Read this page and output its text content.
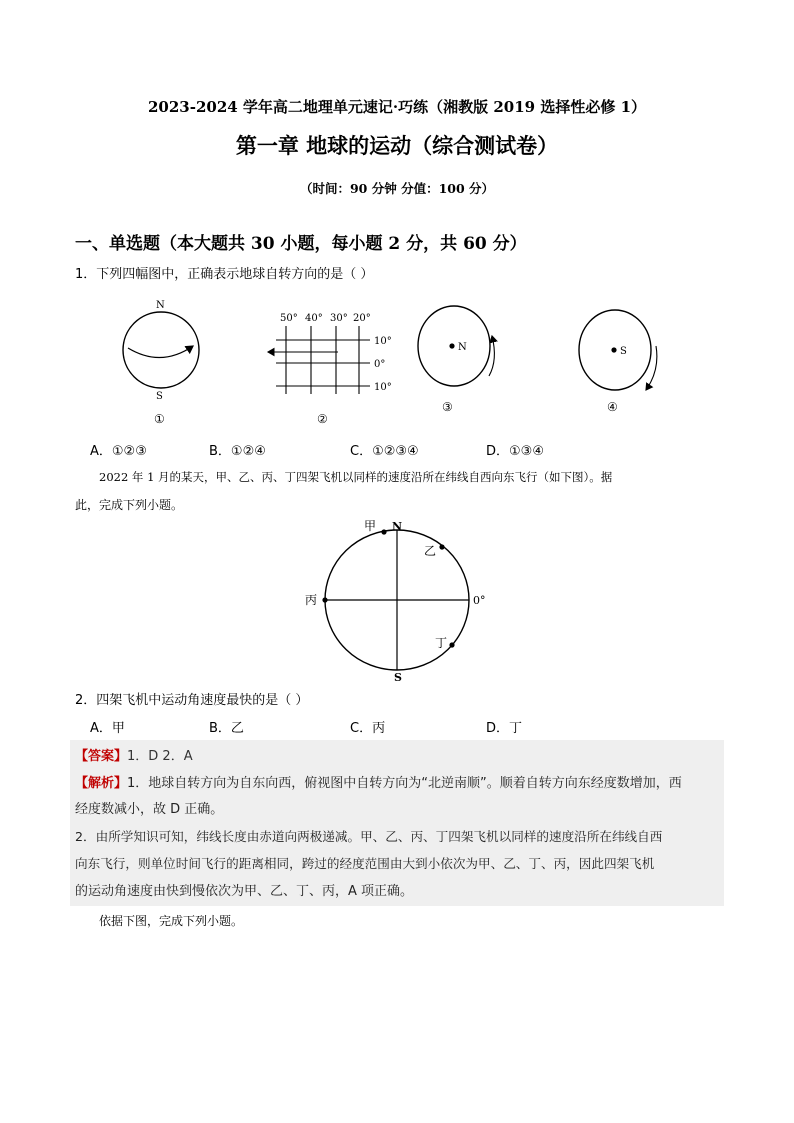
2023-2024 学年高二地理单元速记·巧练（湘教版 2019 选择性必修 1）
第一章 地球的运动（综合测试卷）
（时间：90 分钟 分值：100 分）
一、单选题（本大题共 30 小题，每小题 2 分，共 60 分）
1．下列四幅图中，正确表示地球自转方向的是（ ）
N
S
①
50° 40° 30° 20°
10°
0°
10°
②
N
③
S
④
A．①②③	B．①②④	C．①②③④	D．①③④
2022 年 1 月的某天，甲、乙、丙、丁四架飞机以同样的速度沿所在纬线自西向东飞行（如下图）。据
此，完成下列小题。
甲 N
乙
丙	0°
丁
S
2．四架飞机中运动角速度最快的是（ ）
A．甲	B．乙	C．丙	D．丁
【答案】1．D 2．A
【解析】1．地球自转方向为自东向西，俯视图中自转方向为“北逆南顺”。顺着自转方向东经度数增加，西
经度数减小，故 D 正确。
2．由所学知识可知，纬线长度由赤道向两极递减。甲、乙、丙、丁四架飞机以同样的速度沿所在纬线自西
向东飞行，则单位时间飞行的距离相同，跨过的经度范围由大到小依次为甲、乙、丁、丙，因此四架飞机
的运动角速度由快到慢依次为甲、乙、丁、丙，A 项正确。
依据下图，完成下列小题。
